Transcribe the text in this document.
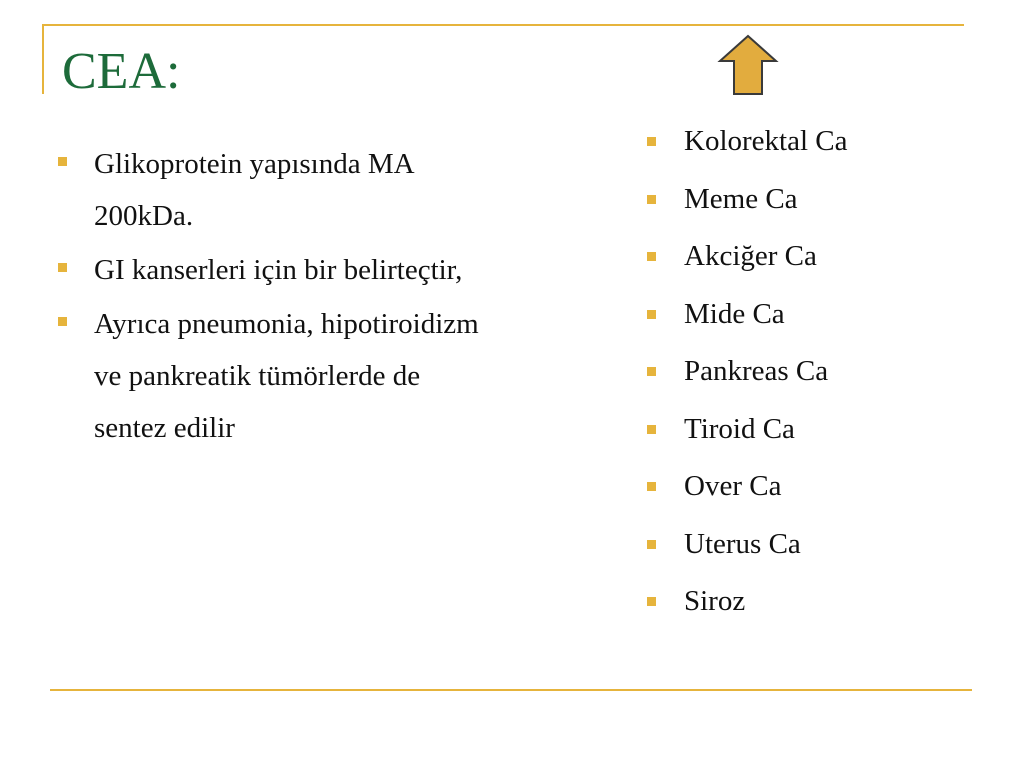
CEA:
Glikoprotein yapısında MA 200kDa.
GI kanserleri için bir belirteçtir,
Ayrıca pneumonia, hipotiroidizm ve pankreatik tümörlerde de sentez edilir
Kolorektal Ca
Meme Ca
Akciğer Ca
Mide Ca
Pankreas Ca
Tiroid Ca
Over Ca
Uterus Ca
Siroz
